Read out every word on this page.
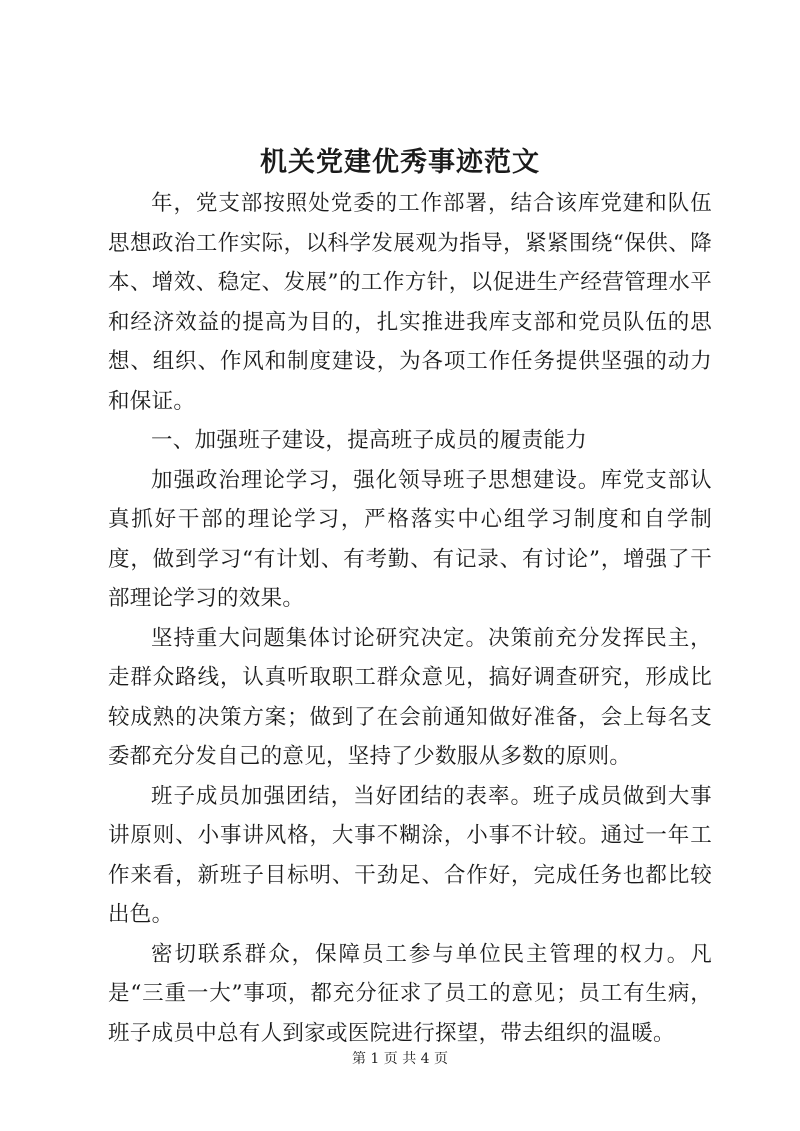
机关党建优秀事迹范文

年，党支部按照处党委的工作部署，结合该库党建和队伍思想政治工作实际，以科学发展观为指导，紧紧围绕“保供、降本、增效、稳定、发展”的工作方针，以促进生产经营管理水平和经济效益的提高为目的，扎实推进我库支部和党员队伍的思想、组织、作风和制度建设，为各项工作任务提供坚强的动力和保证。

一、加强班子建设，提高班子成员的履责能力

加强政治理论学习，强化领导班子思想建设。库党支部认真抓好干部的理论学习，严格落实中心组学习制度和自学制度，做到学习“有计划、有考勤、有记录、有讨论”，增强了干部理论学习的效果。

坚持重大问题集体讨论研究决定。决策前充分发挥民主，走群众路线，认真听取职工群众意见，搞好调查研究，形成比较成熟的决策方案；做到了在会前通知做好准备，会上每名支委都充分发自己的意见，坚持了少数服从多数的原则。

班子成员加强团结，当好团结的表率。班子成员做到大事讲原则、小事讲风格，大事不糊涂，小事不计较。通过一年工作来看，新班子目标明、干劲足、合作好，完成任务也都比较出色。

密切联系群众，保障员工参与单位民主管理的权力。凡是“三重一大”事项，都充分征求了员工的意见；员工有生病，班子成员中总有人到家或医院进行探望，带去组织的温暖。

第 1 页 共 4 页
